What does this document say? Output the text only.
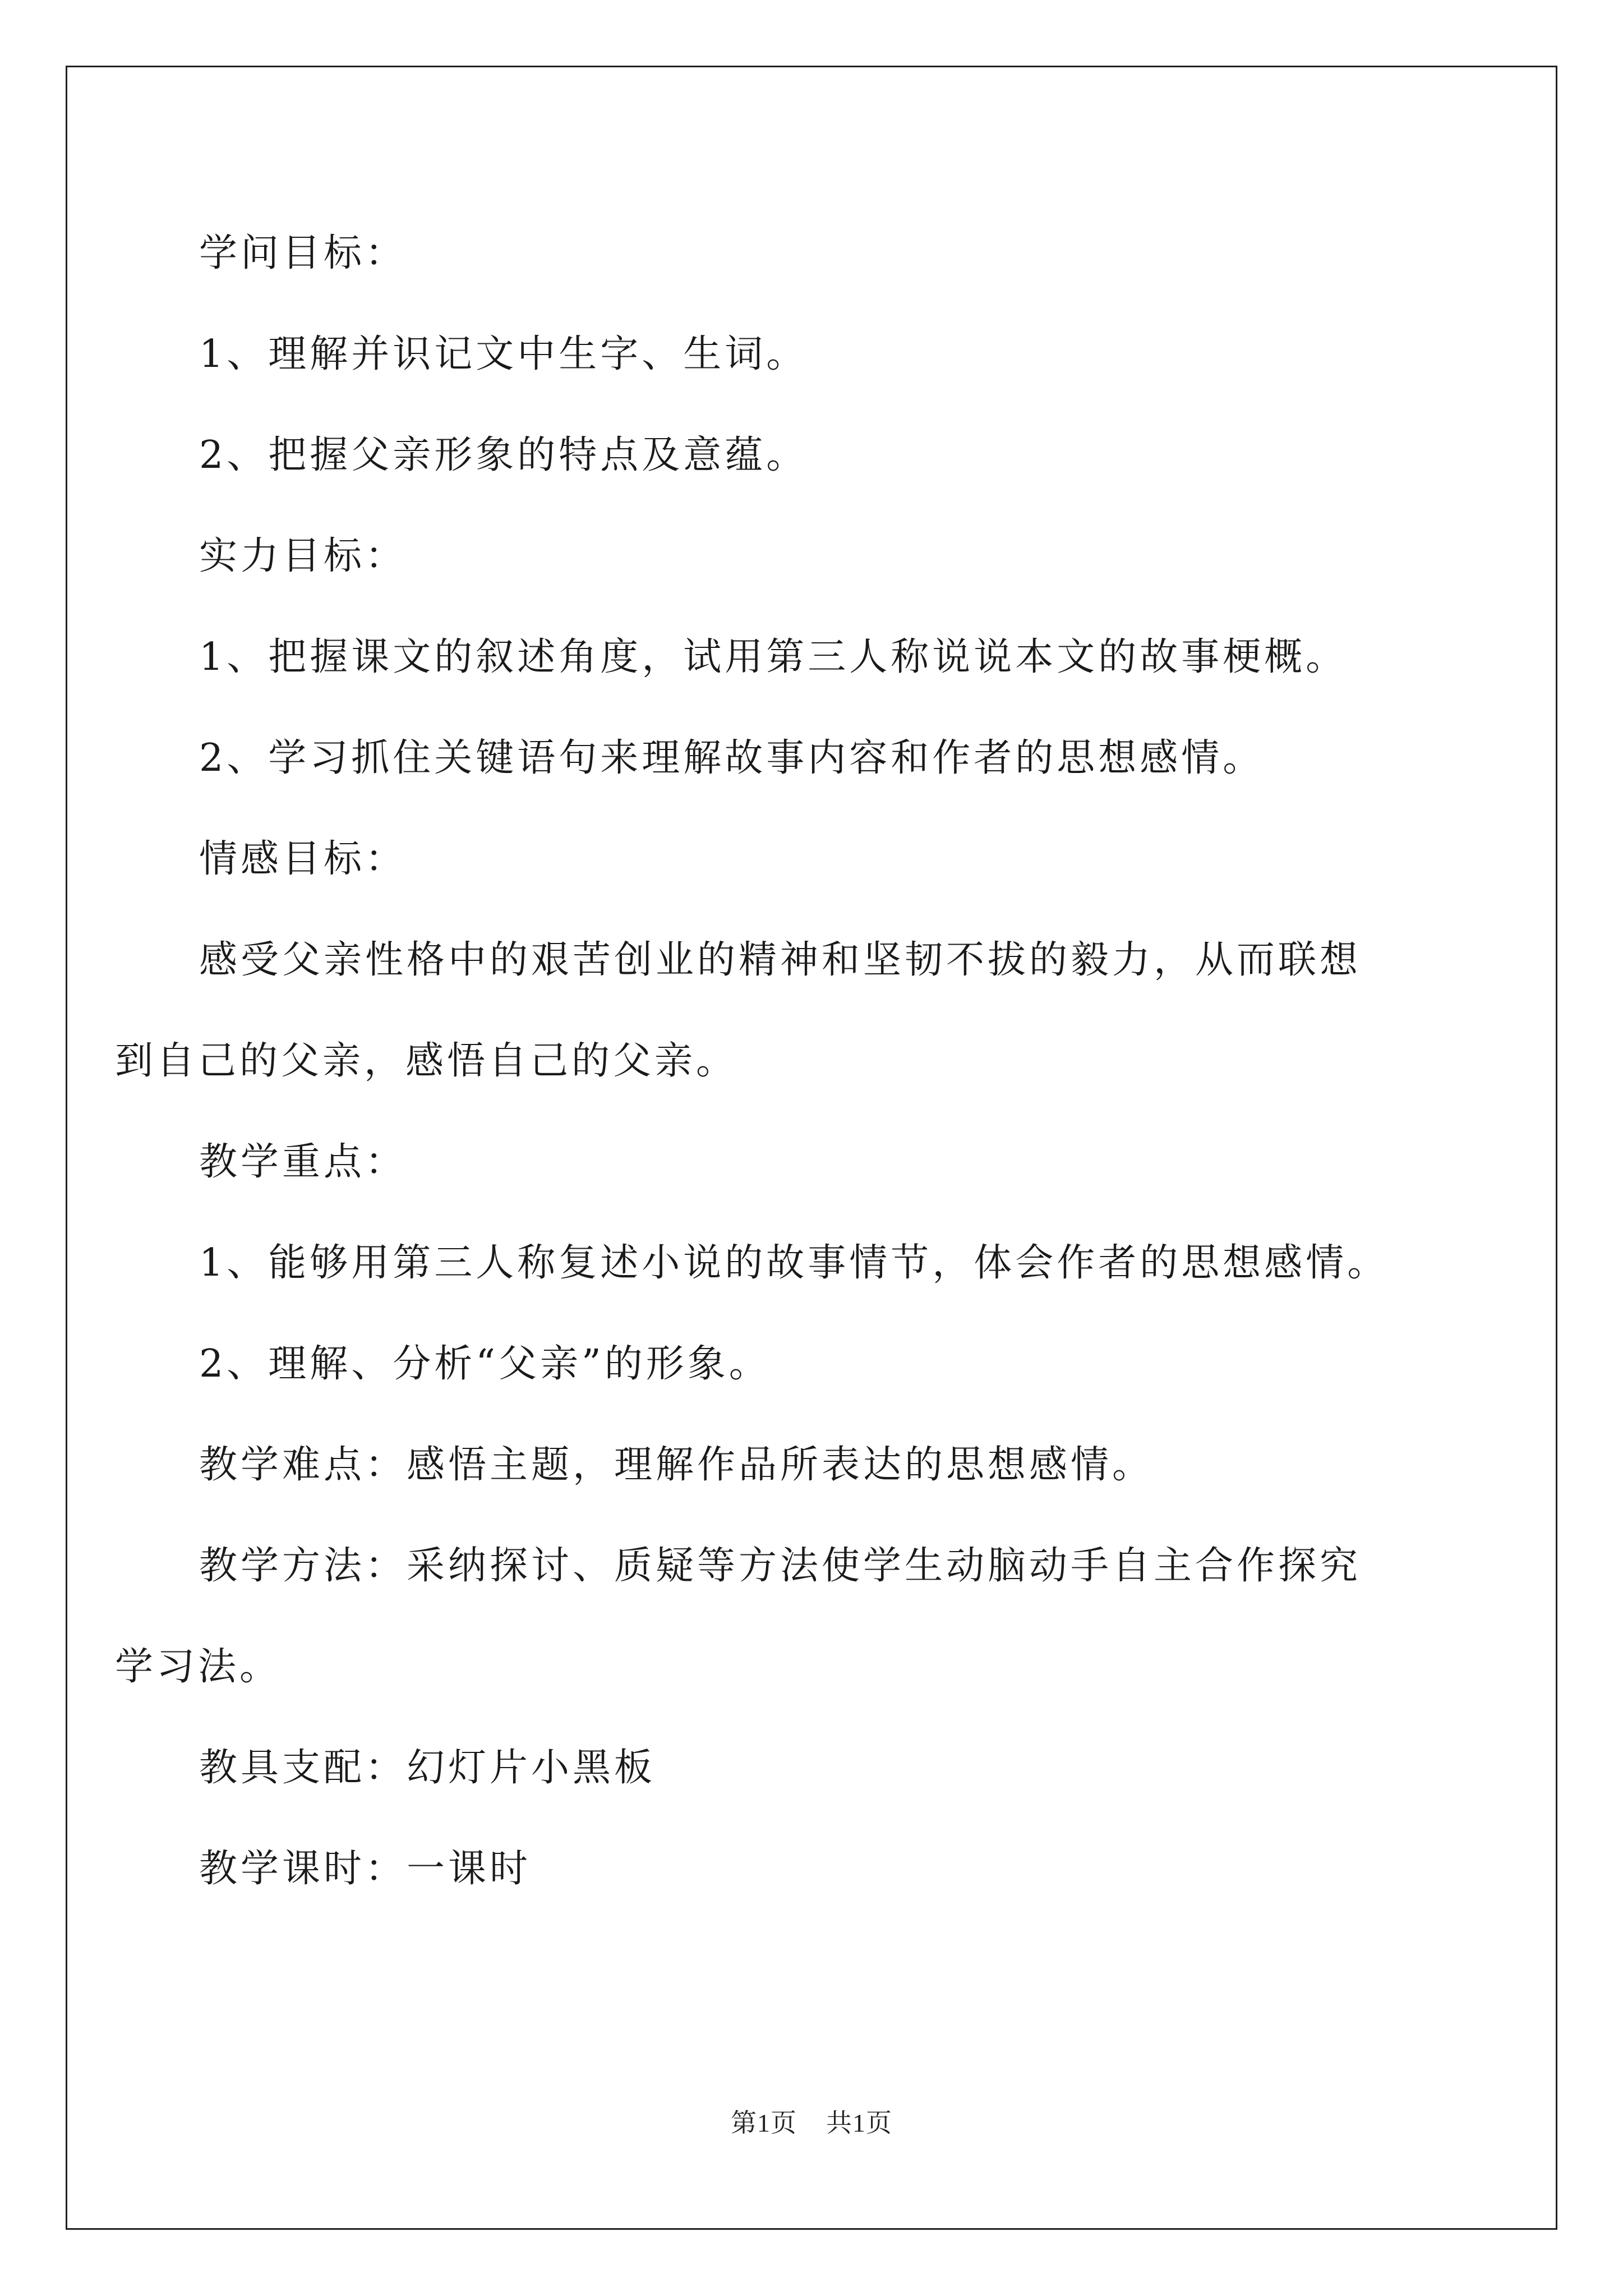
学问目标：
1、理解并识记文中生字、生词。
2、把握父亲形象的特点及意蕴。
实力目标：
1、把握课文的叙述角度，试用第三人称说说本文的故事梗概。
2、学习抓住关键语句来理解故事内容和作者的思想感情。
情感目标：
感受父亲性格中的艰苦创业的精神和坚韧不拔的毅力，从而联想
到自己的父亲，感悟自己的父亲。
教学重点：
1、能够用第三人称复述小说的故事情节，体会作者的思想感情。
2、理解、分析“父亲”的形象。
教学难点：感悟主题，理解作品所表达的思想感情。
教学方法：采纳探讨、质疑等方法使学生动脑动手自主合作探究
学习法。
教具支配：幻灯片小黑板
教学课时：一课时
第1页 共1页
